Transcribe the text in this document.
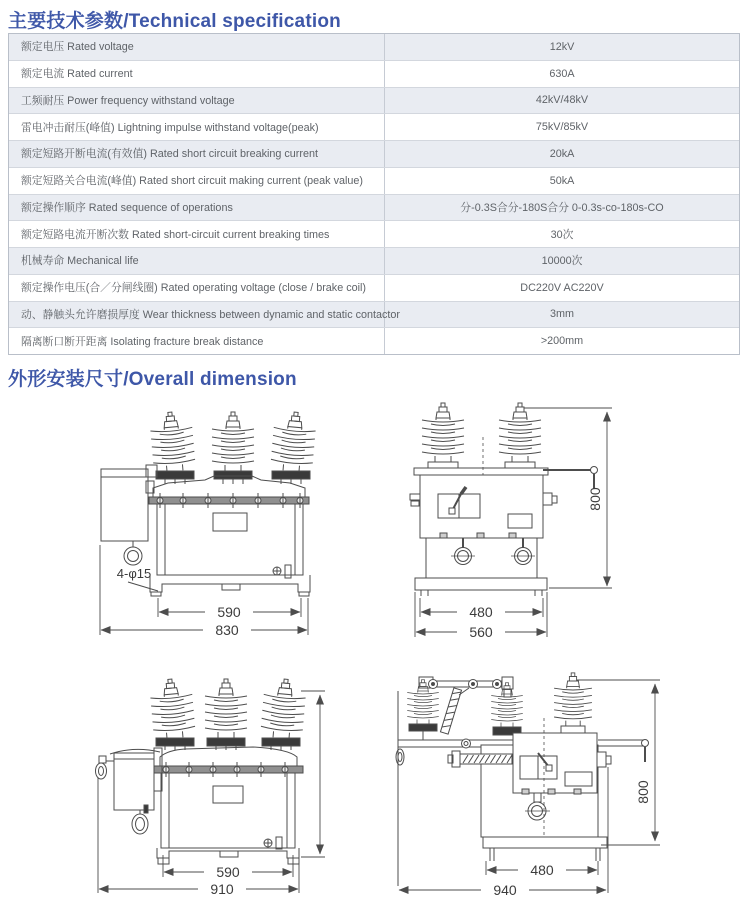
主要技术参数/Technical specification
额定电压 Rated voltage	12kV
额定电流 Rated current	630A
工频耐压 Power frequency withstand voltage	42kV/48kV
雷电冲击耐压(峰值) Lightning impulse withstand voltage(peak)	75kV/85kV
额定短路开断电流(有效值) Rated short circuit breaking current	20kA
额定短路关合电流(峰值) Rated short circuit making current (peak value)	50kA
额定操作顺序 Rated sequence of operations	分-0.3S合分-180S合分 0-0.3s-co-180s-CO
额定短路电流开断次数 Rated short-circuit current breaking times	30次
机械寿命 Mechanical life	10000次
额定操作电压(合／分闸线圈) Rated operating voltage (close / brake coil)	DC220V AC220V
动、静触头允许磨损厚度 Wear thickness between dynamic and static contactor	3mm
隔离断口断开距离 Isolating fracture break distance	>200mm
外形安装尺寸/Overall dimension
4-φ15
590
830
800
480
560
590
910
800
480
940
